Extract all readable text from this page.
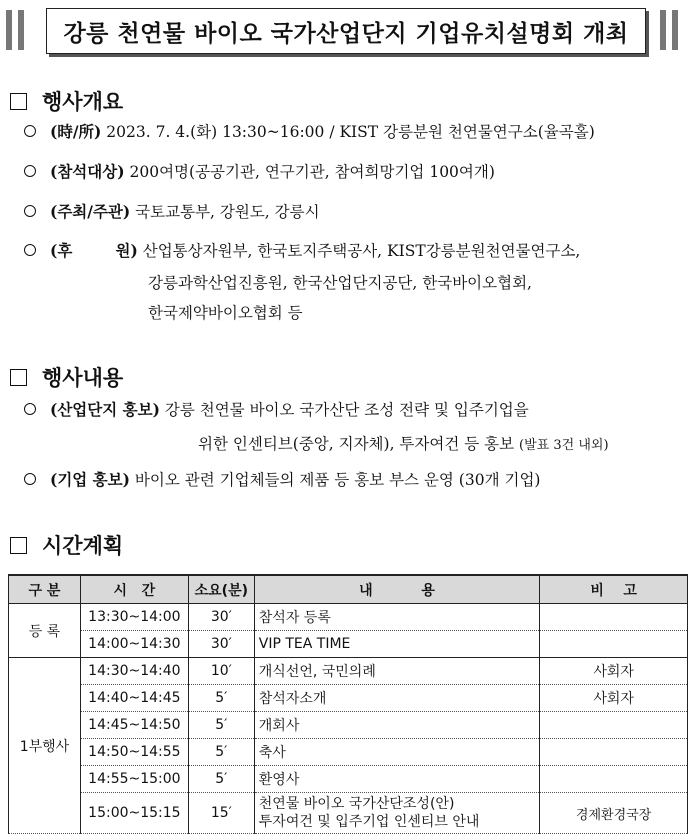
강릉 천연물 바이오 국가산업단지 기업유치설명회 개최
행사개요
(時/所) 2023. 7. 4.(화) 13:30~16:00 / KIST 강릉분원 천연물연구소(율곡홀)
(참석대상) 200여명(공공기관, 연구기관, 참여희망기업 100여개)
(주최/주관) 국토교통부, 강원도, 강릉시
(후        원) 산업통상자원부, 한국토지주택공사, KIST강릉분원천연물연구소,
강릉과학산업진흥원, 한국산업단지공단, 한국바이오협회,
한국제약바이오협회 등
행사내용
(산업단지 홍보) 강릉 천연물 바이오 국가산단 조성 전략 및 입주기업을
위한 인센티브(중앙, 지자체), 투자여건 등 홍보 (발표 3건 내외)
(기업 홍보) 바이오 관련 기업체들의 제품 등 홍보 부스 운영 (30개 기업)
시간계획
구 분	시   간	소요(분)	내          용	비    고
등 록	13:30~14:00	30′	참석자 등록	
	14:00~14:30	30′	VIP TEA TIME	
1부행사	14:30~14:40	10′	개식선언, 국민의례	사회자
	14:40~14:45	5′	참석자소개	사회자
	14:45~14:50	5′	개회사	
	14:50~14:55	5′	축사	
	14:55~15:00	5′	환영사	
	15:00~15:15	15′	천연물 바이오 국가산단조성(안)
투자여건 및 입주기업 인센티브 안내	경제환경국장
